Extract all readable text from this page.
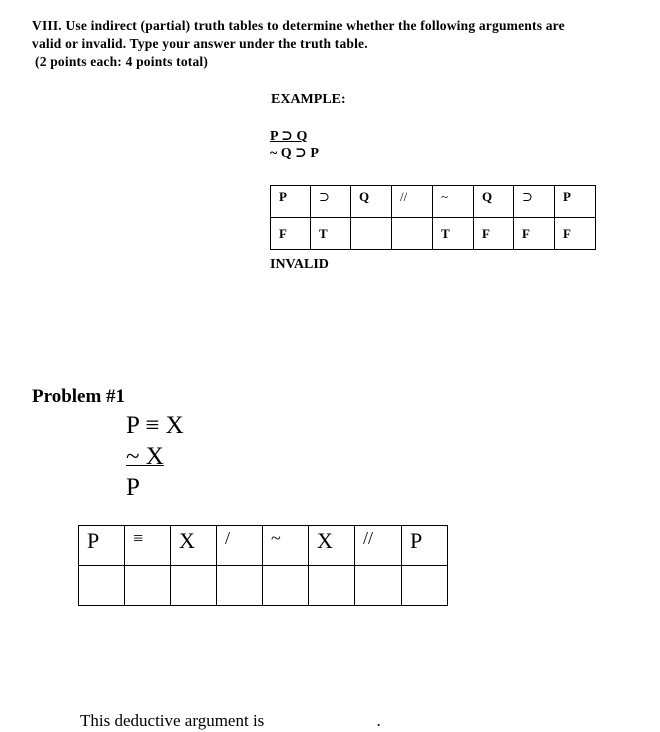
VIII. Use indirect (partial) truth tables to determine whether the following arguments are

valid or invalid. Type your answer under the truth table.

(2 points each: 4 points total)

EXAMPLE:
P ⊃ Q
~ Q ⊃ P
P	⊃	Q	//	~	Q	⊃	P
F	T			T	F	F	F
INVALID
Problem #1
P ≡ X
~ X
P
P	≡	X	/	~	X	//	P

This deductive argument is	.
